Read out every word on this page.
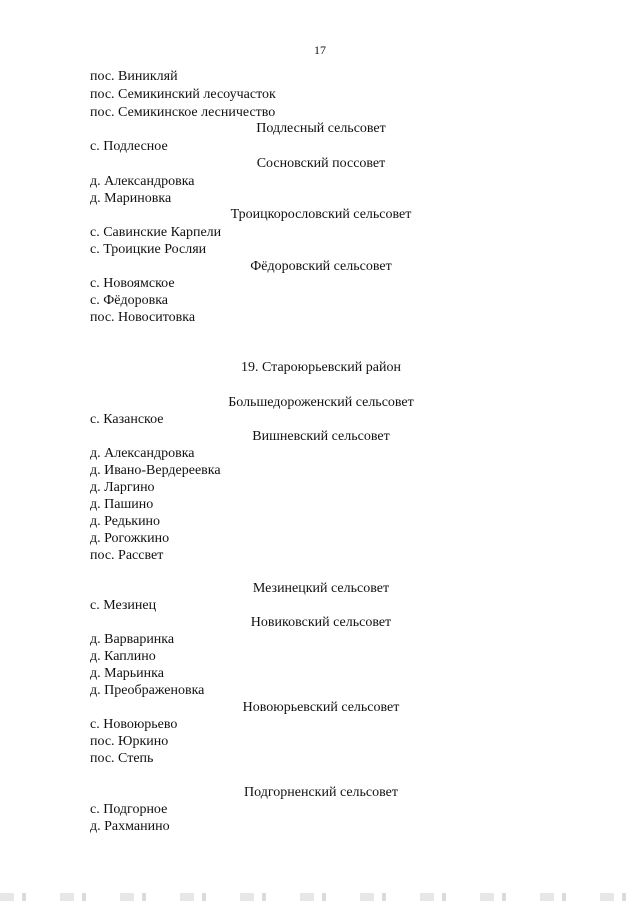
17
пос. Виникляй
пос. Семикинский лесоучасток
пос. Семикинское лесничество
Подлесный сельсовет
с. Подлесное
Сосновский поссовет
д. Александровка
д. Мариновка
Троицкорословский сельсовет
с. Савинские Карпели
с. Троицкие Росляи
Фёдоровский сельсовет
с. Новоямское
с. Фёдоровка
пос. Новоситовка
19. Староюрьевский район
Большедороженский сельсовет
с. Казанское
Вишневский сельсовет
д. Александровка
д. Ивано-Вердереевка
д. Ларгино
д. Пашино
д. Редькино
д. Рогожкино
пос. Рассвет
Мезинецкий сельсовет
с. Мезинец
Новиковский сельсовет
д. Варваринка
д. Каплино
д. Марьинка
д. Преображеновка
Новоюрьевский сельсовет
с. Новоюрьево
пос. Юркино
пос. Степь
Подгорненский сельсовет
с. Подгорное
д. Рахманино
